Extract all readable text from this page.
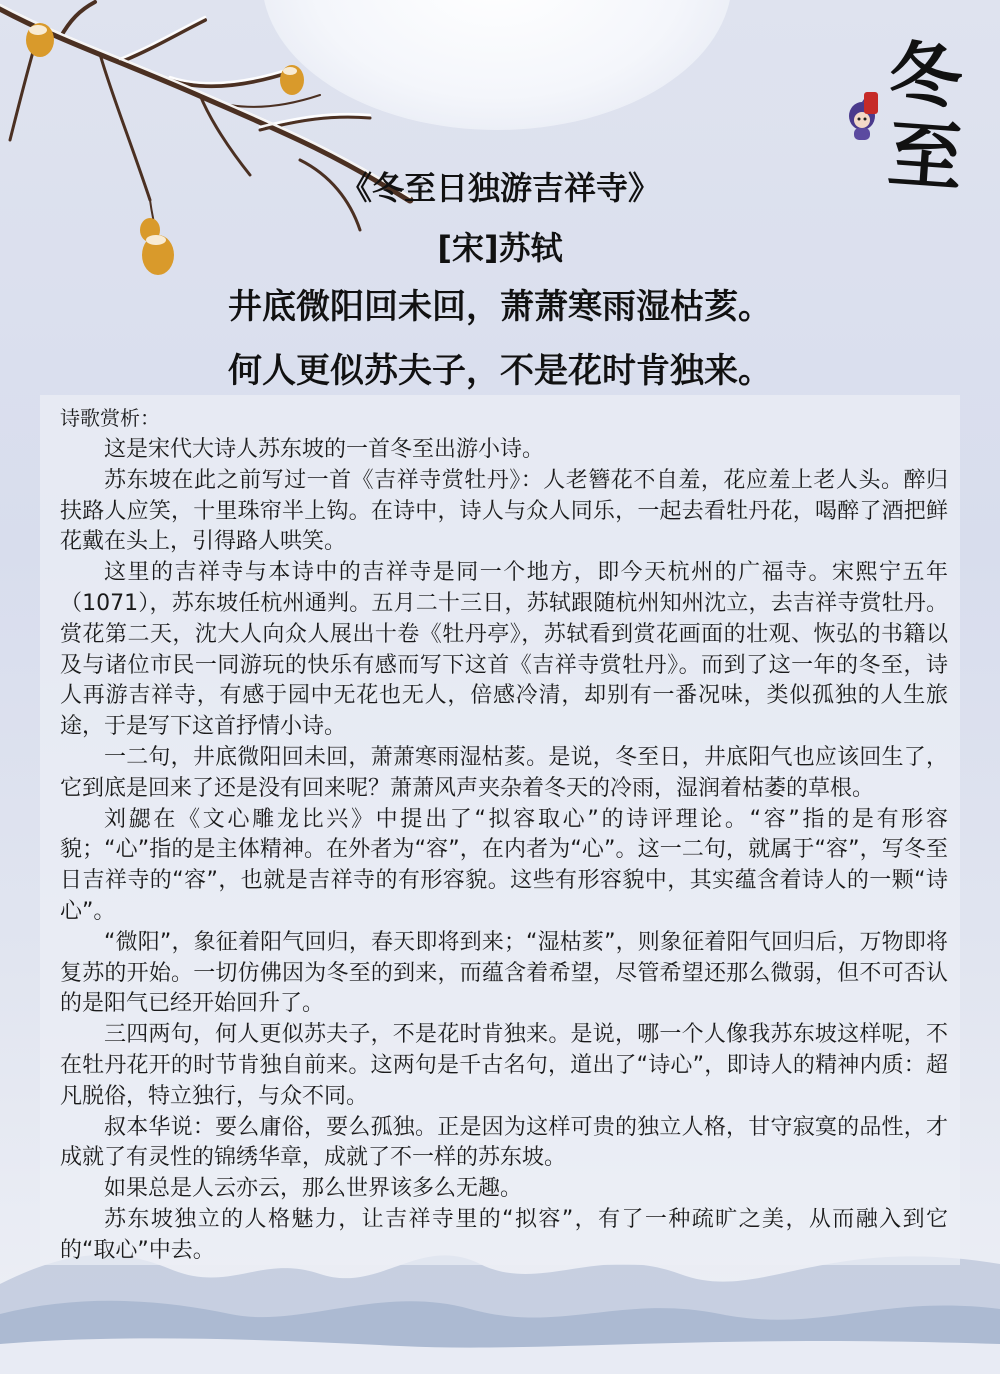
冬
至

《冬至日独游吉祥寺》

[宋]苏轼

井底微阳回未回，萧萧寒雨湿枯荄。

何人更似苏夫子，不是花时肯独来。

诗歌赏析：

这是宋代大诗人苏东坡的一首冬至出游小诗。

苏东坡在此之前写过一首《吉祥寺赏牡丹》：人老簪花不自羞，花应羞上老人头。醉归扶路人应笑，十里珠帘半上钩。在诗中，诗人与众人同乐，一起去看牡丹花，喝醉了酒把鲜花戴在头上，引得路人哄笑。

这里的吉祥寺与本诗中的吉祥寺是同一个地方，即今天杭州的广福寺。宋熙宁五年（1071），苏东坡任杭州通判。五月二十三日，苏轼跟随杭州知州沈立，去吉祥寺赏牡丹。赏花第二天，沈大人向众人展出十卷《牡丹亭》，苏轼看到赏花画面的壮观、恢弘的书籍以及与诸位市民一同游玩的快乐有感而写下这首《吉祥寺赏牡丹》。而到了这一年的冬至，诗人再游吉祥寺，有感于园中无花也无人，倍感冷清，却别有一番况味，类似孤独的人生旅途，于是写下这首抒情小诗。

一二句，井底微阳回未回，萧萧寒雨湿枯荄。是说，冬至日，井底阳气也应该回生了，它到底是回来了还是没有回来呢？萧萧风声夹杂着冬天的冷雨，湿润着枯萎的草根。

刘勰在《文心雕龙比兴》中提出了“拟容取心”的诗评理论。“容”指的是有形容貌；“心”指的是主体精神。在外者为“容”，在内者为“心”。这一二句，就属于“容”，写冬至日吉祥寺的“容”，也就是吉祥寺的有形容貌。这些有形容貌中，其实蕴含着诗人的一颗“诗心”。

“微阳”，象征着阳气回归，春天即将到来；“湿枯荄”，则象征着阳气回归后，万物即将复苏的开始。一切仿佛因为冬至的到来，而蕴含着希望，尽管希望还那么微弱，但不可否认的是阳气已经开始回升了。

三四两句，何人更似苏夫子，不是花时肯独来。是说，哪一个人像我苏东坡这样呢，不在牡丹花开的时节肯独自前来。这两句是千古名句，道出了“诗心”，即诗人的精神内质：超凡脱俗，特立独行，与众不同。

叔本华说：要么庸俗，要么孤独。正是因为这样可贵的独立人格，甘守寂寞的品性，才成就了有灵性的锦绣华章，成就了不一样的苏东坡。

如果总是人云亦云，那么世界该多么无趣。

苏东坡独立的人格魅力，让吉祥寺里的“拟容”，有了一种疏旷之美，从而融入到它的“取心”中去。
